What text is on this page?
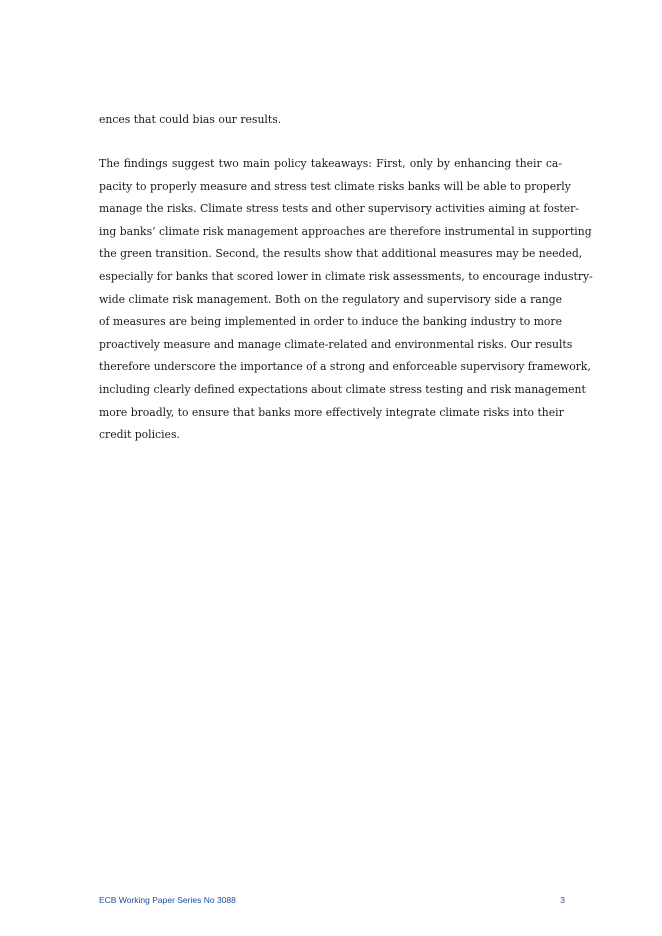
ences that could bias our results.
The findings suggest two main policy takeaways: First, only by enhancing their ca-
pacity to properly measure and stress test climate risks banks will be able to properly
manage the risks. Climate stress tests and other supervisory activities aiming at foster-
ing banks’ climate risk management approaches are therefore instrumental in supporting
the green transition. Second, the results show that additional measures may be needed,
especially for banks that scored lower in climate risk assessments, to encourage industry-
wide climate risk management. Both on the regulatory and supervisory side a range
of measures are being implemented in order to induce the banking industry to more
proactively measure and manage climate-related and environmental risks. Our results
therefore underscore the importance of a strong and enforceable supervisory framework,
including clearly defined expectations about climate stress testing and risk management
more broadly, to ensure that banks more effectively integrate climate risks into their
credit policies.
ECB Working Paper Series No 3088	3
